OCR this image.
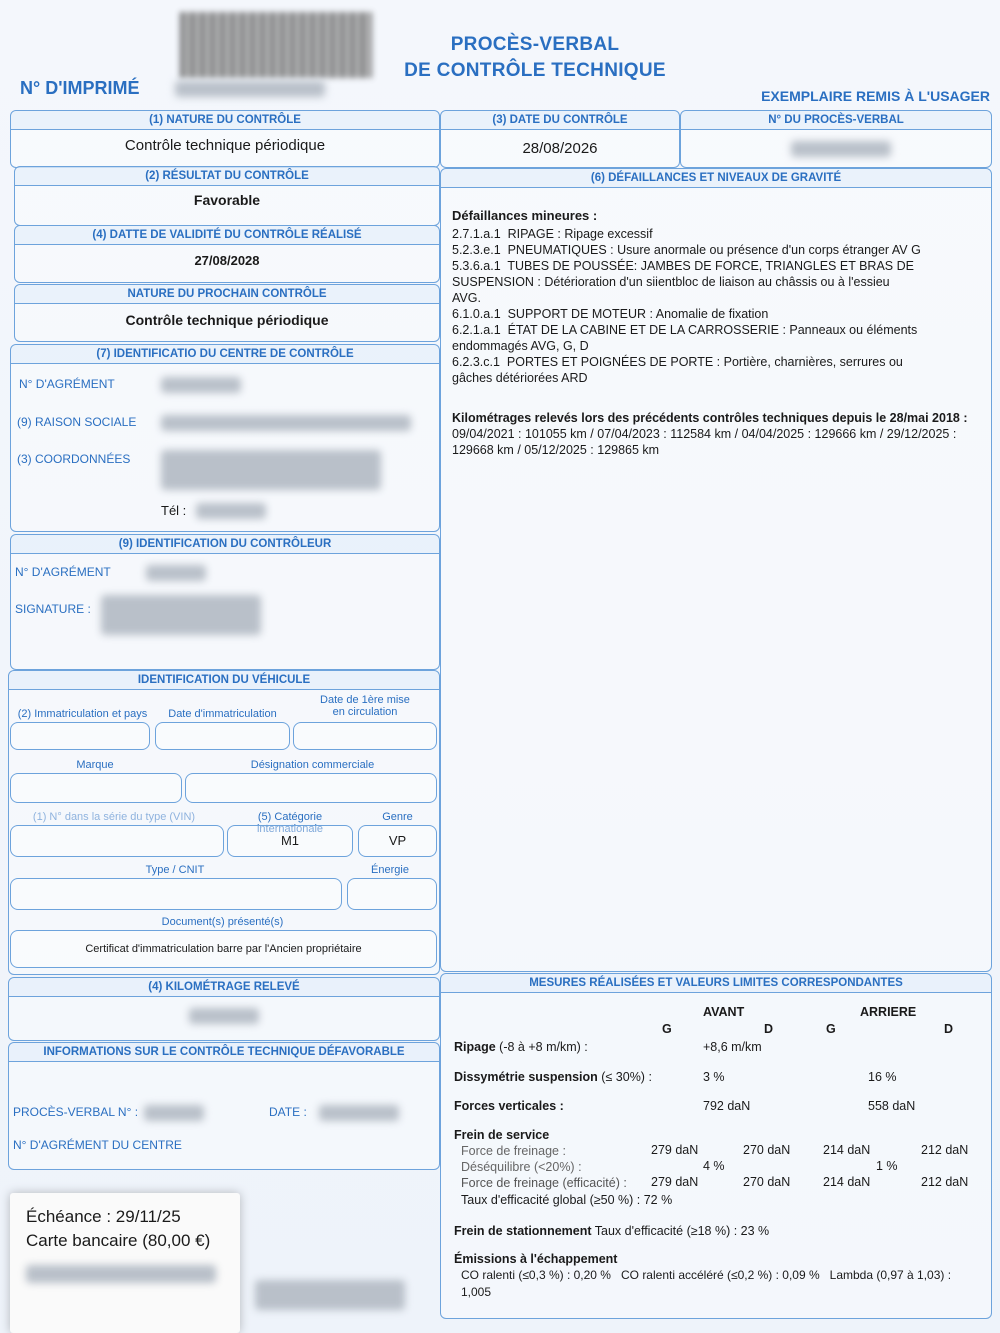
PROCÈS-VERBAL
DE CONTRÔLE TECHNIQUE
N° D'IMPRIMÉ	EXEMPLAIRE REMIS À L'USAGER
(1) NATURE DU CONTRÔLE
Contrôle technique périodique
(3) DATE DU CONTRÔLE
28/08/2026
N° DU PROCÈS-VERBAL
(2) RÉSULTAT DU CONTRÔLE
Favorable
(4) DATTE DE VALIDITÉ DU CONTRÔLE RÉALISÉ
27/08/2028
NATURE DU PROCHAIN CONTRÔLE
Contrôle technique périodique
(7) IDENTIFICATIO DU CENTRE DE CONTRÔLE
N° D'AGRÉMENT
(9) RAISON SOCIALE
(3) COORDONNÉES
Tél :
(9) IDENTIFICATION DU CONTRÔLEUR
N° D'AGRÉMENT
SIGNATURE :
IDENTIFICATION DU VÉHICULE
(2) Immatriculation et pays	Date d'immatriculation
Date de 1ère mise
en circulation
Marque	Désignation commerciale
(1) N° dans la série du type (VIN)	(5) Catégorie internationale
Genre
M1	VP
Type / CNIT	Énergie
Document(s) présenté(s)
Certificat d'immatriculation barre par l'Ancien propriétaire
(4) KILOMÉTRAGE RELEVÉ
INFORMATIONS SUR LE CONTRÔLE TECHNIQUE DÉFAVORABLE
PROCÈS-VERBAL N° :	DATE :
N° D'AGRÉMENT DU CENTRE
(6) DÉFAILLANCES ET NIVEAUX DE GRAVITÉ
Défaillances mineures :
2.7.1.a.1  RIPAGE : Ripage excessif
5.2.3.e.1  PNEUMATIQUES : Usure anormale ou présence d'un corps étranger AV G
5.3.6.a.1  TUBES DE POUSSÉE: JAMBES DE FORCE, TRIANGLES ET BRAS DE
SUSPENSION : Détérioration d'un siientbloc de liaison au châssis ou à l'essieu
AVG.
6.1.0.a.1  SUPPORT DE MOTEUR : Anomalie de fixation
6.2.1.a.1  ÉTAT DE LA CABINE ET DE LA CARROSSERIE : Panneaux ou éléments
endommagés AVG, G, D
6.2.3.c.1  PORTES ET POIGNÉES DE PORTE : Portière, charnières, serrures ou
gâches détériorées ARD
Kilométrages relevés lors des précédents contrôles techniques depuis le 28/mai 2018 : 09/04/2021 : 101055 km / 07/04/2023 : 112584 km / 04/04/2025 : 129666 km / 29/12/2025 : 129668 km / 05/12/2025 : 129865 km
MESURES RÉALISÉES ET VALEURS LIMITES CORRESPONDANTES
AVANT	ARRIERE
G	D	G	D
Ripage (-8 à +8 m/km) :	+8,6 m/km
Dissymétrie suspension (≤ 30%) :	3 %	16 %
Forces verticales :	792 daN	558 daN
Frein de service
Force de freinage :	279 daN	270 daN	214 daN	212 daN
Déséquilibre (<20%) :	4 %	1 %
Force de freinage (efficacité) : 279 daN	270 daN	214 daN	212 daN
Taux d'efficacité global (≥50 %) : 72 %
Frein de stationnement Taux d'efficacité (≥18 %) : 23 %
Émissions à l'échappement
CO ralenti (≤0,3 %) : 0,20 %   CO ralenti accéléré (≤0,2 %) : 0,09 %   Lambda (0,97 à 1,03) :
1,005
Échéance : 29/11/25
Carte bancaire (80,00 €)
